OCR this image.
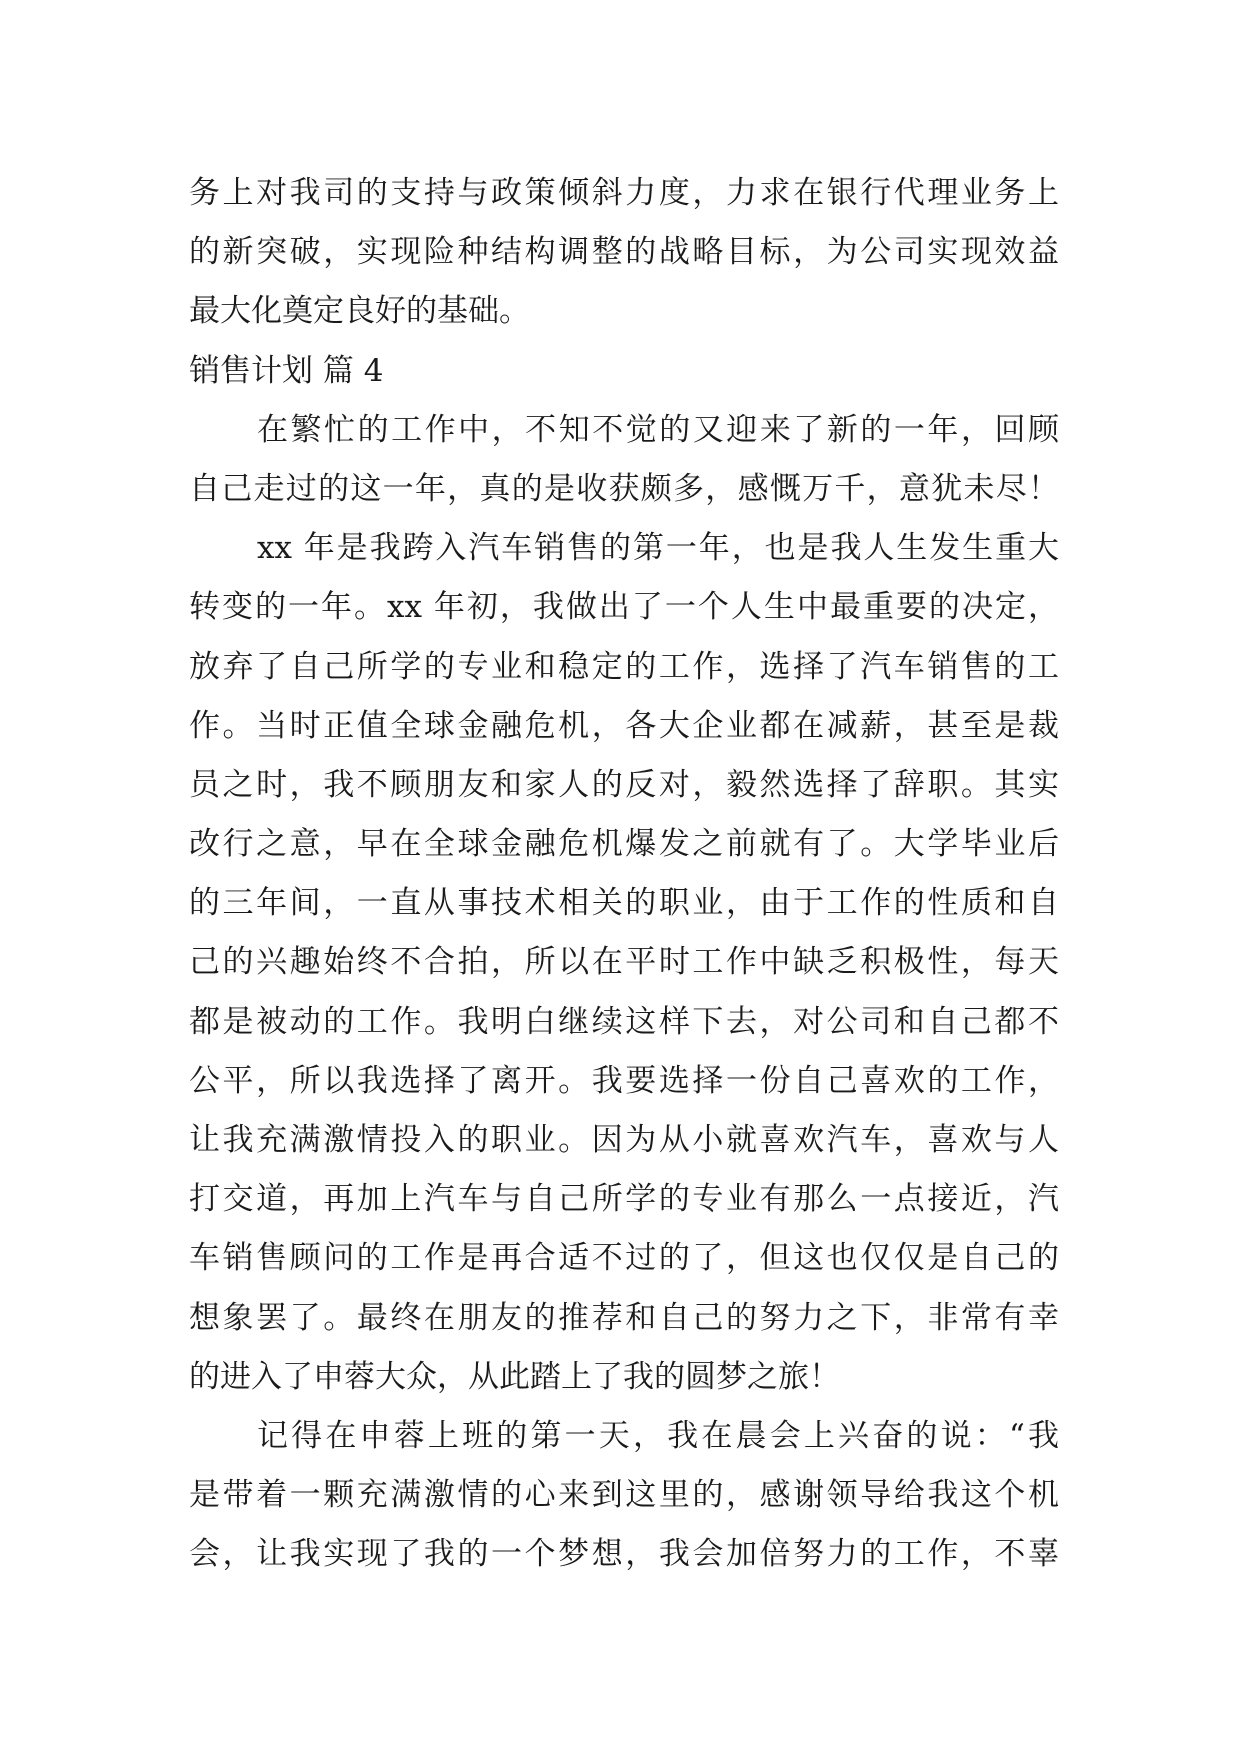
务上对我司的支持与政策倾斜力度，力求在银行代理业务上
的新突破，实现险种结构调整的战略目标，为公司实现效益
最大化奠定良好的基础。
销售计划 篇 4
在繁忙的工作中，不知不觉的又迎来了新的一年，回顾
自己走过的这一年，真的是收获颇多，感慨万千，意犹未尽！
xx 年是我跨入汽车销售的第一年，也是我人生发生重大
转变的一年。xx 年初，我做出了一个人生中最重要的决定，
放弃了自己所学的专业和稳定的工作，选择了汽车销售的工
作。当时正值全球金融危机，各大企业都在减薪，甚至是裁
员之时，我不顾朋友和家人的反对，毅然选择了辞职。其实
改行之意，早在全球金融危机爆发之前就有了。大学毕业后
的三年间，一直从事技术相关的职业，由于工作的性质和自
己的兴趣始终不合拍，所以在平时工作中缺乏积极性，每天
都是被动的工作。我明白继续这样下去，对公司和自己都不
公平，所以我选择了离开。我要选择一份自己喜欢的工作，
让我充满激情投入的职业。因为从小就喜欢汽车，喜欢与人
打交道，再加上汽车与自己所学的专业有那么一点接近，汽
车销售顾问的工作是再合适不过的了，但这也仅仅是自己的
想象罢了。最终在朋友的推荐和自己的努力之下，非常有幸
的进入了申蓉大众，从此踏上了我的圆梦之旅！
记得在申蓉上班的第一天，我在晨会上兴奋的说：“我
是带着一颗充满激情的心来到这里的，感谢领导给我这个机
会，让我实现了我的一个梦想，我会加倍努力的工作，不辜
